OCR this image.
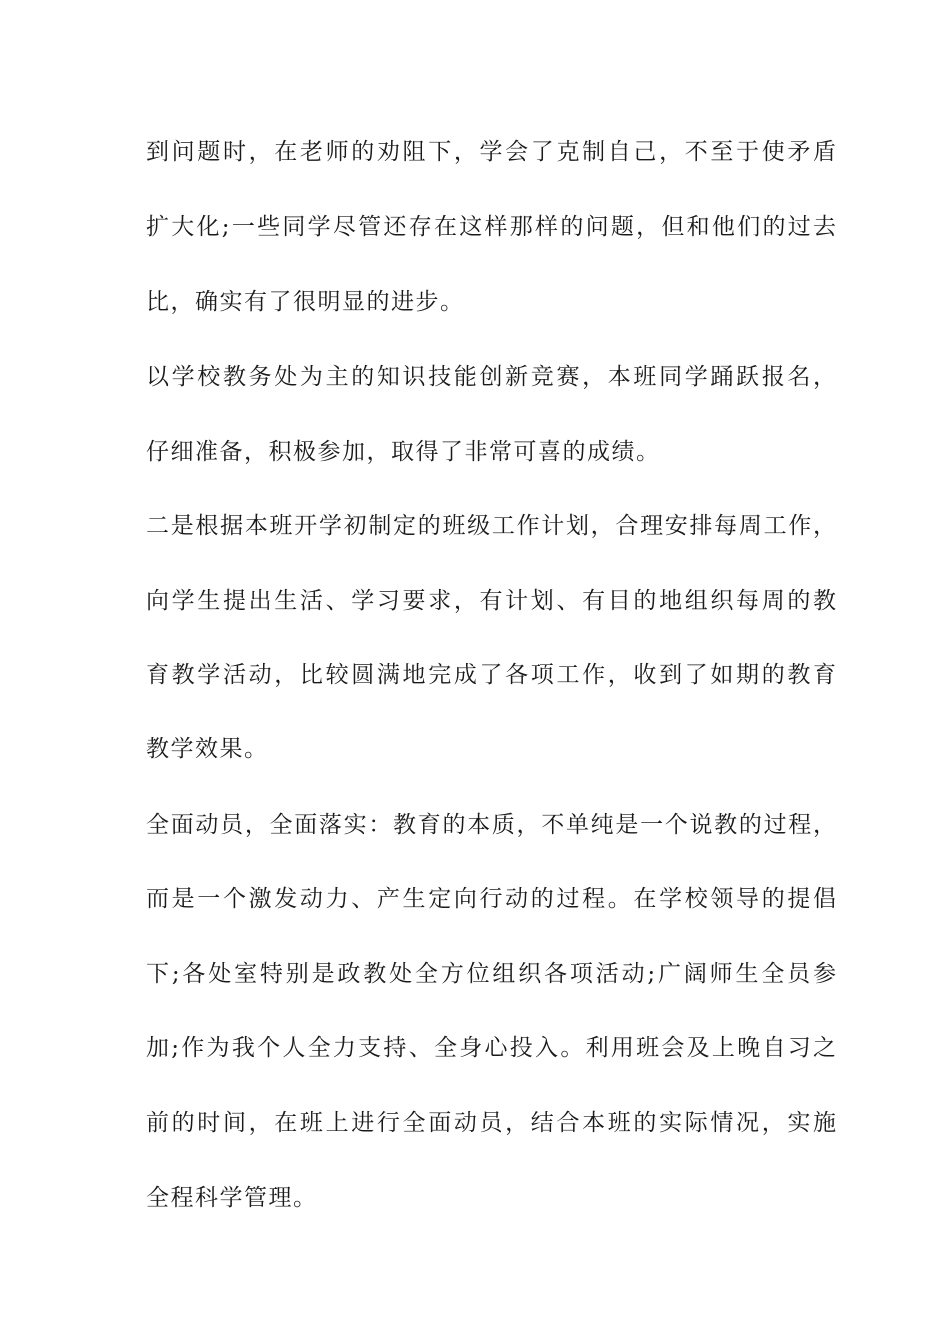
到问题时，在老师的劝阻下，学会了克制自己，不至于使矛盾
扩大化;一些同学尽管还存在这样那样的问题，但和他们的过去
比，确实有了很明显的进步。
以学校教务处为主的知识技能创新竞赛，本班同学踊跃报名，
仔细准备，积极参加，取得了非常可喜的成绩。
二是根据本班开学初制定的班级工作计划，合理安排每周工作，
向学生提出生活、学习要求，有计划、有目的地组织每周的教
育教学活动，比较圆满地完成了各项工作，收到了如期的教育
教学效果。
全面动员，全面落实：教育的本质，不单纯是一个说教的过程，
而是一个激发动力、产生定向行动的过程。在学校领导的提倡
下;各处室特别是政教处全方位组织各项活动;广阔师生全员参
加;作为我个人全力支持、全身心投入。利用班会及上晚自习之
前的时间，在班上进行全面动员，结合本班的实际情况，实施
全程科学管理。
